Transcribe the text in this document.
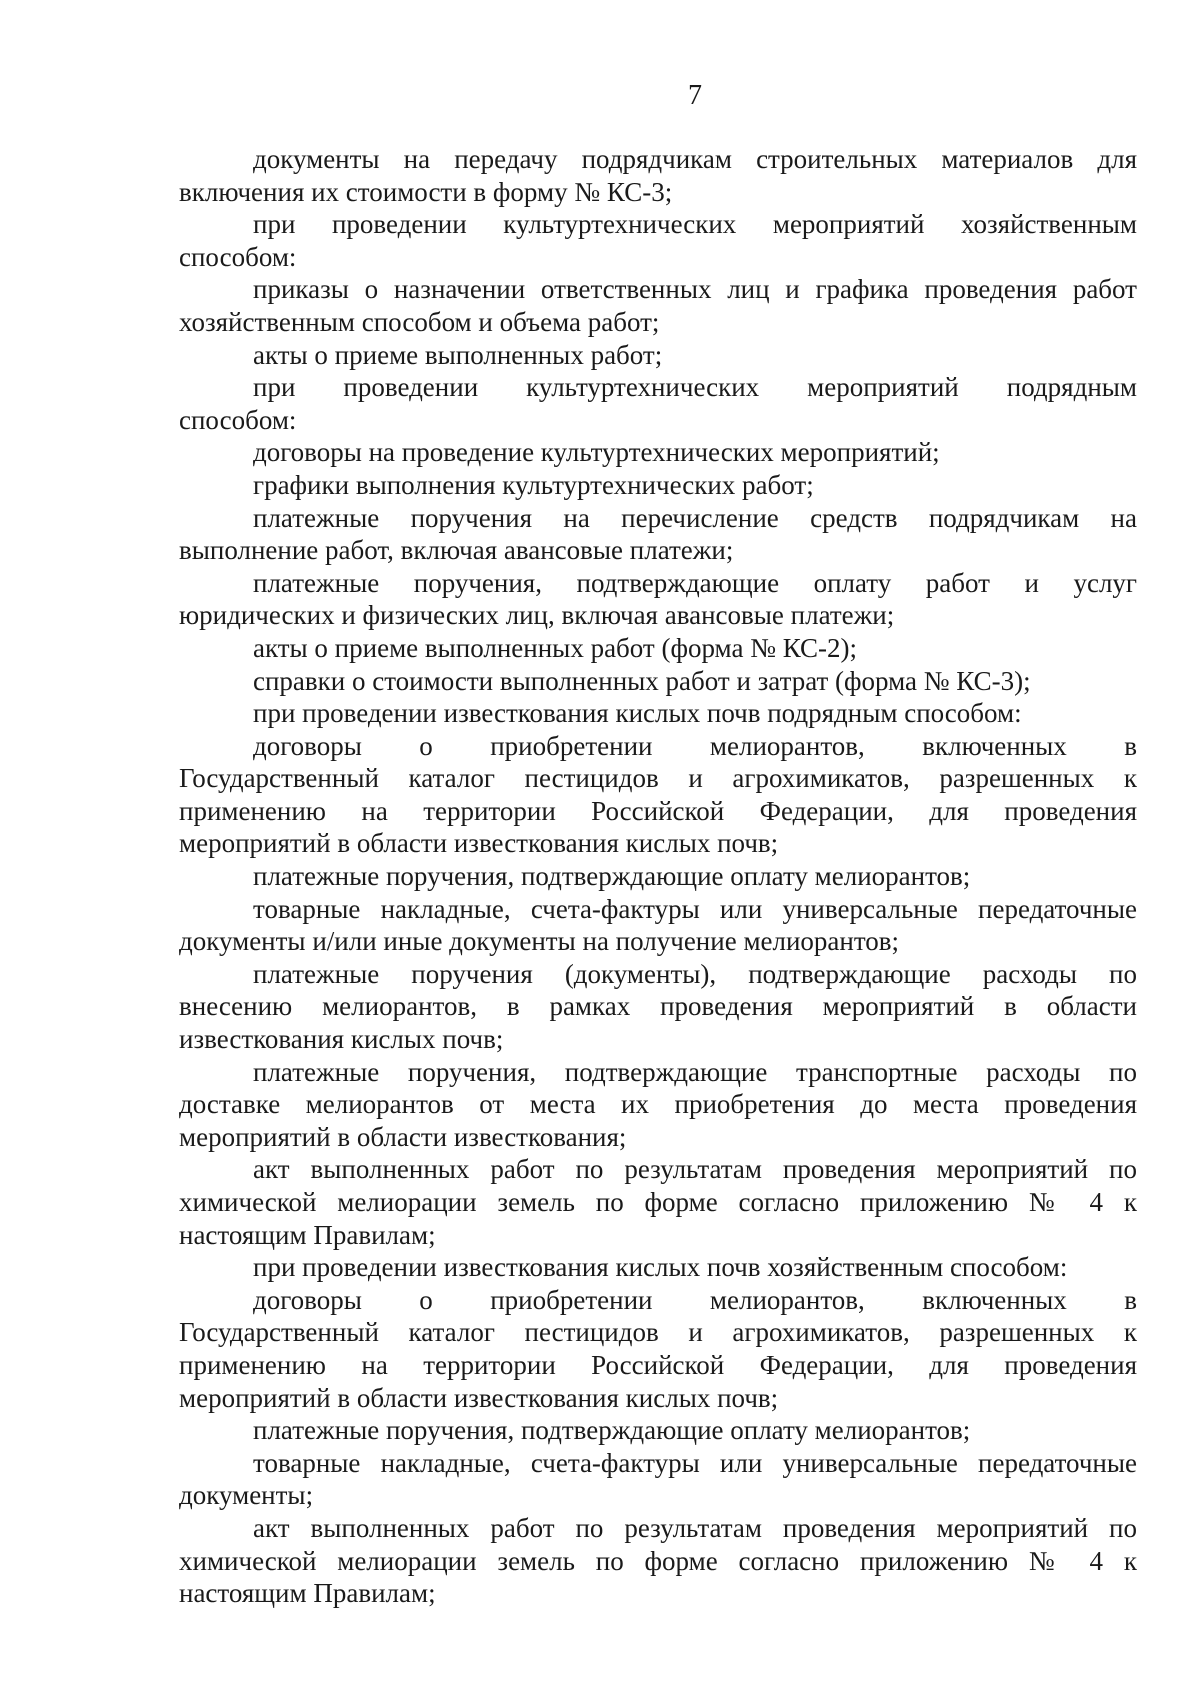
7
документы на передачу подрядчикам строительных материалов для
включения их стоимости в форму № КС-3;
при проведении культуртехнических мероприятий хозяйственным
способом:
приказы о назначении ответственных лиц и графика проведения работ
хозяйственным способом и объема работ;
акты о приеме выполненных работ;
при проведении культуртехнических мероприятий подрядным
способом:
договоры на проведение культуртехнических мероприятий;
графики выполнения культуртехнических работ;
платежные поручения на перечисление средств подрядчикам на
выполнение работ, включая авансовые платежи;
платежные поручения, подтверждающие оплату работ и услуг
юридических и физических лиц, включая авансовые платежи;
акты о приеме выполненных работ (форма № КС-2);
справки о стоимости выполненных работ и затрат (форма № КС-3);
при проведении известкования кислых почв подрядным способом:
договоры о приобретении мелиорантов, включенных в
Государственный каталог пестицидов и агрохимикатов, разрешенных к
применению на территории Российской Федерации, для проведения
мероприятий в области известкования кислых почв;
платежные поручения, подтверждающие оплату мелиорантов;
товарные накладные, счета-фактуры или универсальные передаточные
документы и/или иные документы на получение мелиорантов;
платежные поручения (документы), подтверждающие расходы по
внесению мелиорантов, в рамках проведения мероприятий в области
известкования кислых почв;
платежные поручения, подтверждающие транспортные расходы по
доставке мелиорантов от места их приобретения до места проведения
мероприятий в области известкования;
акт выполненных работ по результатам проведения мероприятий по
химической мелиорации земель по форме согласно приложению № 4 к
настоящим Правилам;
при проведении известкования кислых почв хозяйственным способом:
договоры о приобретении мелиорантов, включенных в
Государственный каталог пестицидов и агрохимикатов, разрешенных к
применению на территории Российской Федерации, для проведения
мероприятий в области известкования кислых почв;
платежные поручения, подтверждающие оплату мелиорантов;
товарные накладные, счета-фактуры или универсальные передаточные
документы;
акт выполненных работ по результатам проведения мероприятий по
химической мелиорации земель по форме согласно приложению № 4 к
настоящим Правилам;
